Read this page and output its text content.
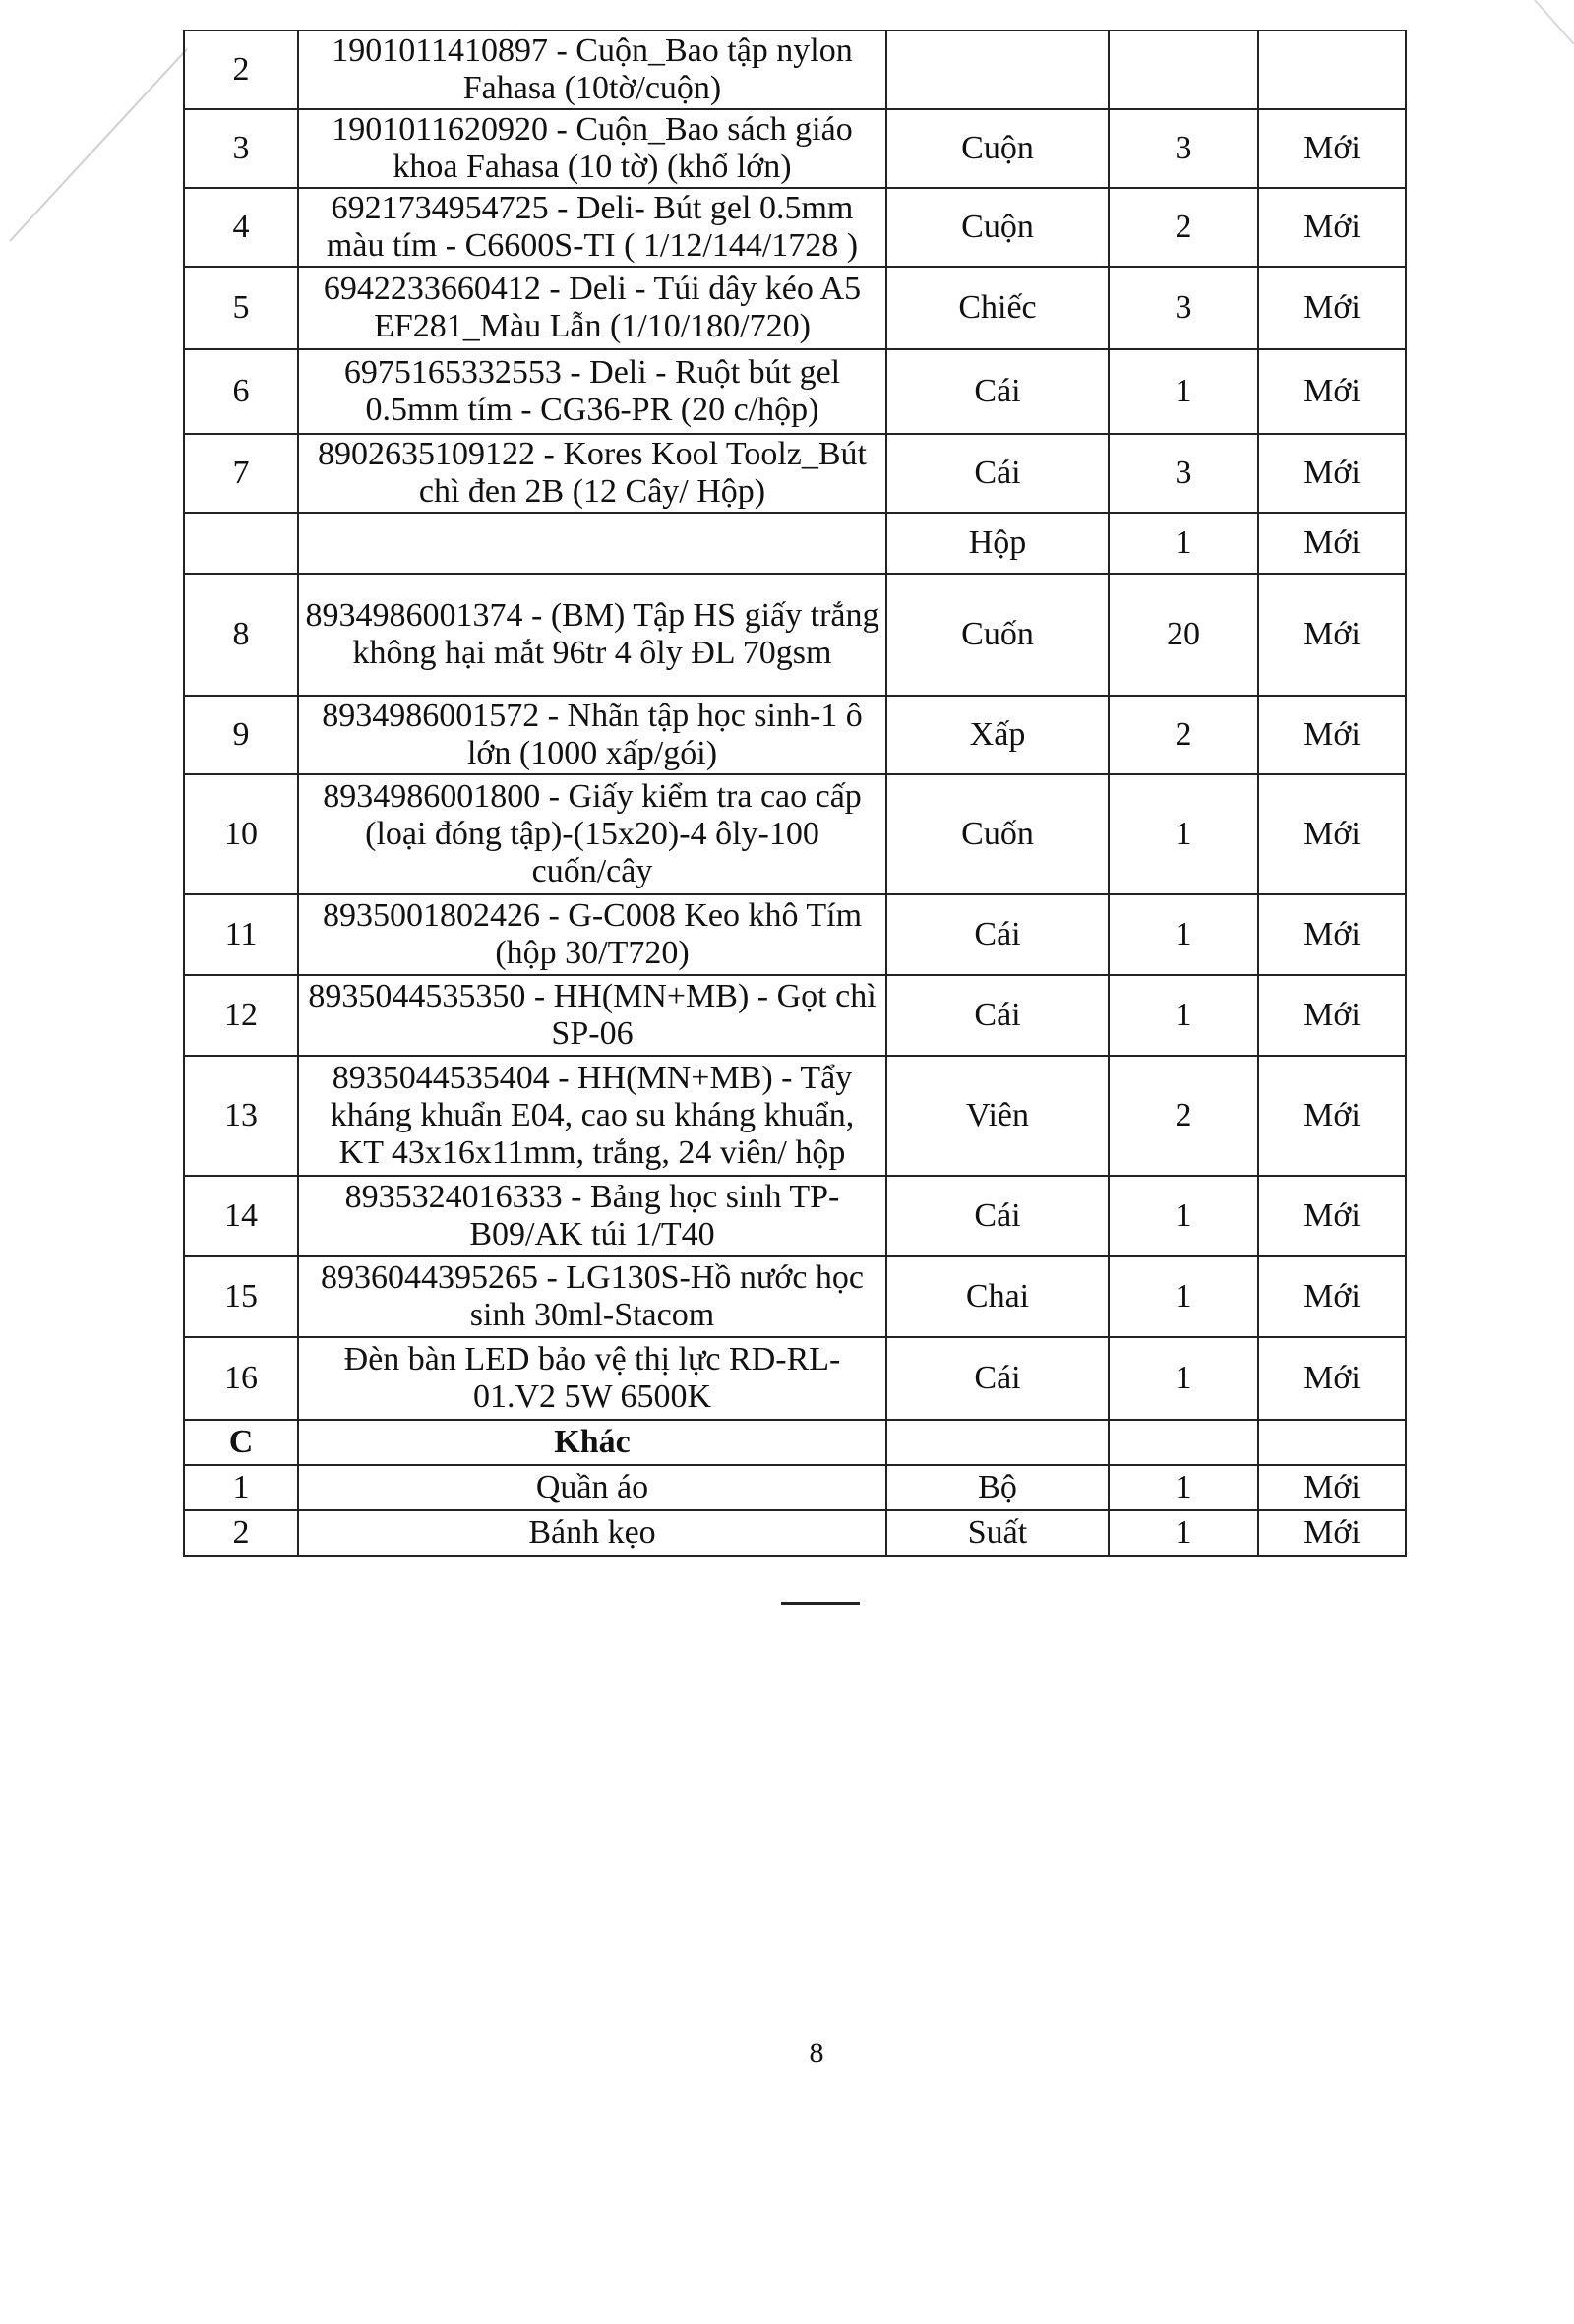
2	1901011410897 - Cuộn_Bao tập nylon Fahasa (10tờ/cuộn)			
3	1901011620920 - Cuộn_Bao sách giáo khoa Fahasa (10 tờ) (khổ lớn)	Cuộn	3	Mới
4	6921734954725 - Deli- Bút gel 0.5mm màu tím - C6600S-TI ( 1/12/144/1728 )	Cuộn	2	Mới
5	6942233660412 - Deli - Túi dây kéo A5 EF281_Màu Lẫn (1/10/180/720)	Chiếc	3	Mới
6	6975165332553 - Deli - Ruột bút gel 0.5mm tím - CG36-PR (20 c/hộp)	Cái	1	Mới
7	8902635109122 - Kores Kool Toolz_Bút chì đen 2B (12 Cây/ Hộp)	Cái	3	Mới
		Hộp	1	Mới
8	8934986001374 - (BM) Tập HS giấy trắng không hại mắt 96tr 4 ôly ĐL 70gsm	Cuốn	20	Mới
9	8934986001572 - Nhãn tập học sinh-1 ô lớn (1000 xấp/gói)	Xấp	2	Mới
10	8934986001800 - Giấy kiểm tra cao cấp (loại đóng tập)-(15x20)-4 ôly-100 cuốn/cây	Cuốn	1	Mới
11	8935001802426 - G-C008 Keo khô Tím (hộp 30/T720)	Cái	1	Mới
12	8935044535350 - HH(MN+MB) - Gọt chì SP-06	Cái	1	Mới
13	8935044535404 - HH(MN+MB) - Tẩy kháng khuẩn E04, cao su kháng khuẩn, KT 43x16x11mm, trắng, 24 viên/ hộp	Viên	2	Mới
14	8935324016333 - Bảng học sinh TP-B09/AK túi 1/T40	Cái	1	Mới
15	8936044395265 - LG130S-Hồ nước học sinh 30ml-Stacom	Chai	1	Mới
16	Đèn bàn LED bảo vệ thị lực RD-RL-01.V2 5W 6500K	Cái	1	Mới
C	Khác			
1	Quần áo	Bộ	1	Mới
2	Bánh kẹo	Suất	1	Mới
8
